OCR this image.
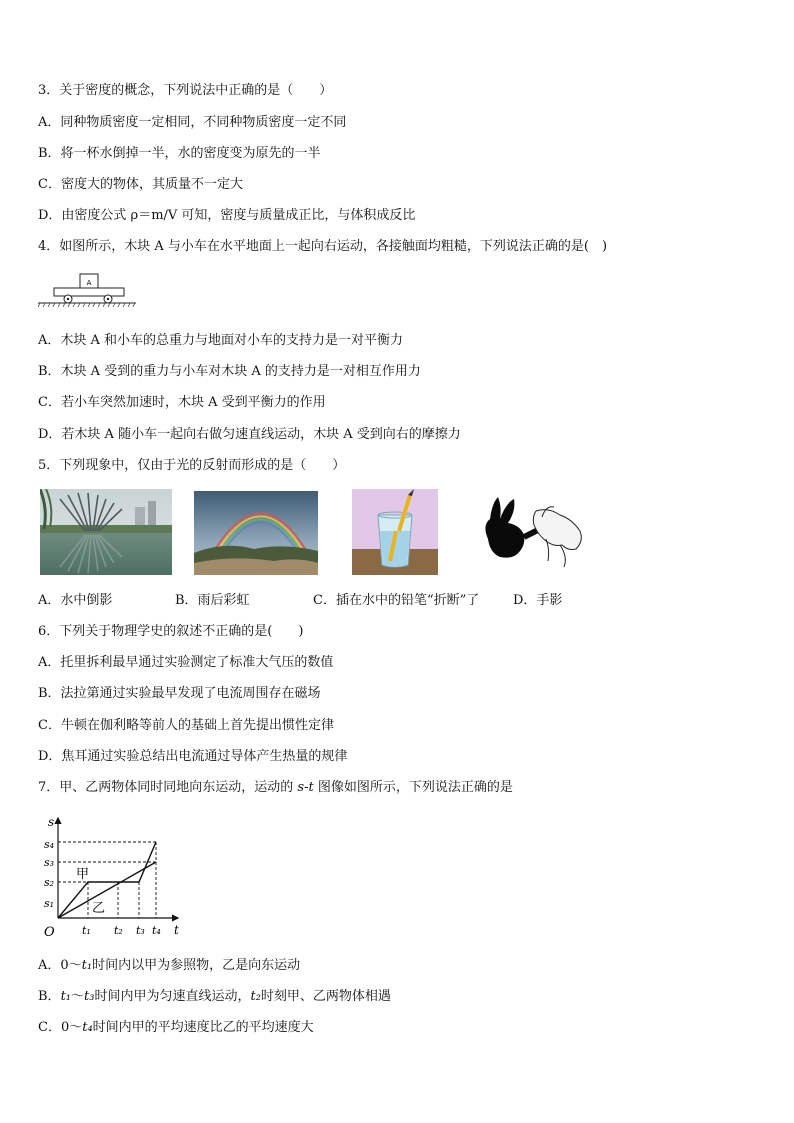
3．关于密度的概念，下列说法中正确的是（　　）
A．同种物质密度一定相同，不同种物质密度一定不同
B．将一杯水倒掉一半，水的密度变为原先的一半
C．密度大的物体，其质量不一定大
D．由密度公式 ρ＝m/V 可知，密度与质量成正比，与体积成反比
4．如图所示，木块 A 与小车在水平地面上一起向右运动，各接触面均粗糙，下列说法正确的是(　)
A
A．木块 A 和小车的总重力与地面对小车的支持力是一对平衡力
B．木块 A 受到的重力与小车对木块 A 的支持力是一对相互作用力
C．若小车突然加速时，木块 A 受到平衡力的作用
D．若木块 A 随小车一起向右做匀速直线运动，木块 A 受到向右的摩擦力
5．下列现象中，仅由于光的反射而形成的是（　　）
A．水中倒影	B．雨后彩虹	C．插在水中的铅笔“折断”了	D．手影
6．下列关于物理学史的叙述不正确的是(　　)
A．托里拆利最早通过实验测定了标准大气压的数值
B．法拉第通过实验最早发现了电流周围存在磁场
C．牛顿在伽利略等前人的基础上首先提出惯性定律
D．焦耳通过实验总结出电流通过导体产生热量的规律
7．甲、乙两物体同时同地向东运动，运动的 s-t 图像如图所示，下列说法正确的是
s
t
O
s₁
s₂
s₃
s₄
t₁ t₂ t₃ t₄
甲
乙
A．0～t₁时间内以甲为参照物，乙是向东运动
B．t₁～t₃时间内甲为匀速直线运动，t₂时刻甲、乙两物体相遇
C．0～t₄时间内甲的平均速度比乙的平均速度大
